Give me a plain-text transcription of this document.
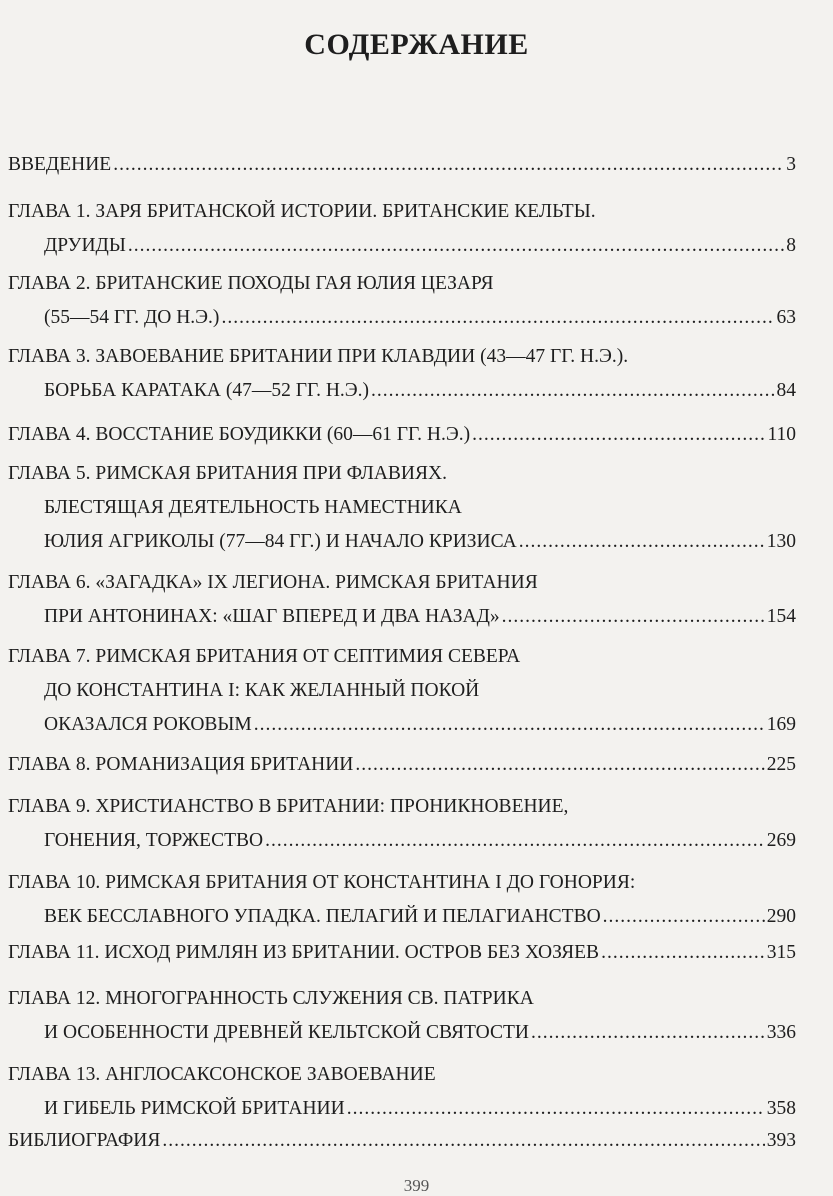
СОДЕРЖАНИЕ
ВВЕДЕНИЕ .....	3
ГЛАВА 1. ЗАРЯ БРИТАНСКОЙ ИСТОРИИ. БРИТАНСКИЕ КЕЛЬТЫ.
ДРУИДЫ .....	8
ГЛАВА 2. БРИТАНСКИЕ ПОХОДЫ ГАЯ ЮЛИЯ ЦЕЗАРЯ
(55—54 ГГ. ДО Н.Э.) .....	63
ГЛАВА 3. ЗАВОЕВАНИЕ БРИТАНИИ ПРИ КЛАВДИИ (43—47 ГГ. Н.Э.).
БОРЬБА КАРАТАКА (47—52 ГГ. Н.Э.) .....	84
ГЛАВА 4. ВОССТАНИЕ БОУДИККИ (60—61 ГГ. Н.Э.) .....	110
ГЛАВА 5. РИМСКАЯ БРИТАНИЯ ПРИ ФЛАВИЯХ.
БЛЕСТЯЩАЯ ДЕЯТЕЛЬНОСТЬ НАМЕСТНИКА
ЮЛИЯ АГРИКОЛЫ (77—84 ГГ.) И НАЧАЛО КРИЗИСА .....	130
ГЛАВА 6. «ЗАГАДКА» IX ЛЕГИОНА. РИМСКАЯ БРИТАНИЯ
ПРИ АНТОНИНАХ: «ШАГ ВПЕРЕД И ДВА НАЗАД» .....	154
ГЛАВА 7. РИМСКАЯ БРИТАНИЯ ОТ СЕПТИМИЯ СЕВЕРА
ДО КОНСТАНТИНА I: КАК ЖЕЛАННЫЙ ПОКОЙ
ОКАЗАЛСЯ РОКОВЫМ .....	169
ГЛАВА 8. РОМАНИЗАЦИЯ БРИТАНИИ .....	225
ГЛАВА 9. ХРИСТИАНСТВО В БРИТАНИИ: ПРОНИКНОВЕНИЕ,
ГОНЕНИЯ, ТОРЖЕСТВО .....	269
ГЛАВА 10. РИМСКАЯ БРИТАНИЯ ОТ КОНСТАНТИНА I ДО ГОНОРИЯ:
ВЕК БЕССЛАВНОГО УПАДКА. ПЕЛАГИЙ И ПЕЛАГИАНСТВО .....	290
ГЛАВА 11. ИСХОД РИМЛЯН ИЗ БРИТАНИИ. ОСТРОВ БЕЗ ХОЗЯЕВ .....	315
ГЛАВА 12. МНОГОГРАННОСТЬ СЛУЖЕНИЯ СВ. ПАТРИКА
И ОСОБЕННОСТИ ДРЕВНЕЙ КЕЛЬТСКОЙ СВЯТОСТИ .....	336
ГЛАВА 13. АНГЛОСАКСОНСКОЕ ЗАВОЕВАНИЕ
И ГИБЕЛЬ РИМСКОЙ БРИТАНИИ .....	358
БИБЛИОГРАФИЯ .....	393
399
